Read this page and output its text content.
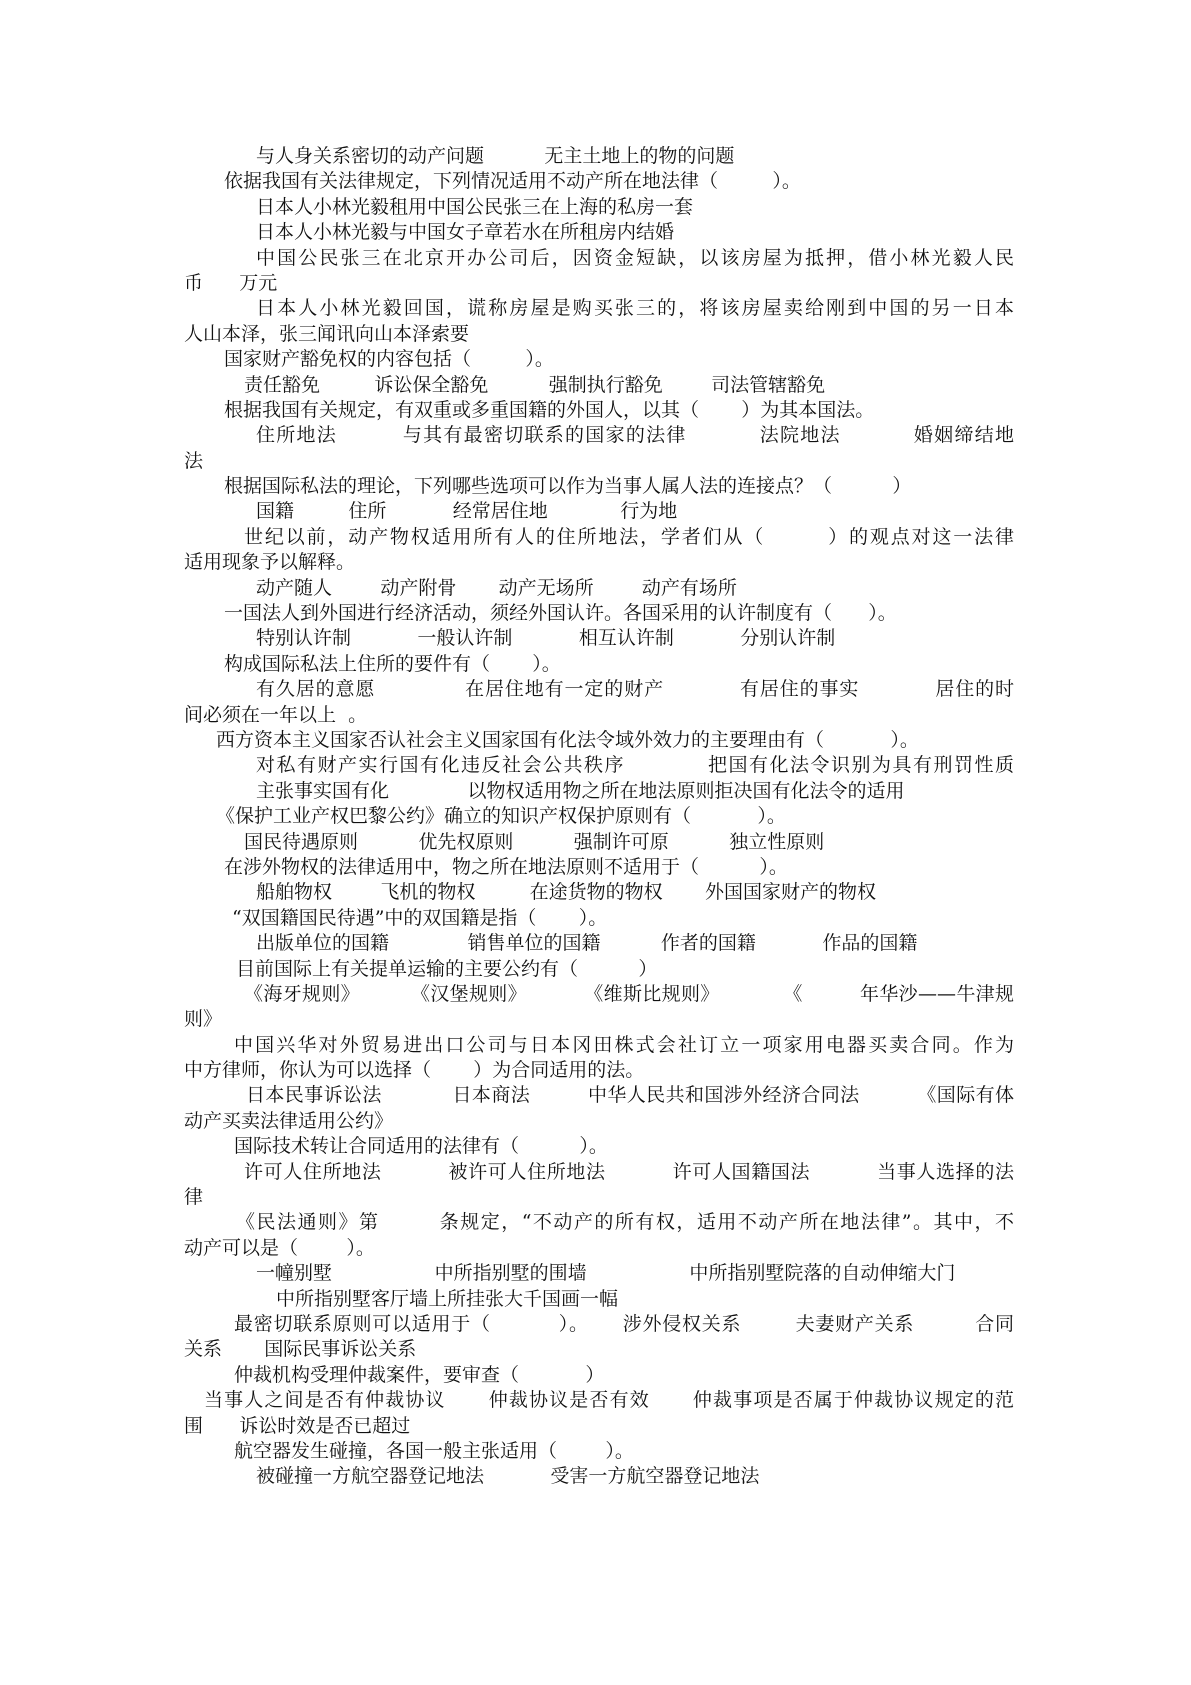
与人身关系密切的动产问题          无主土地上的物的问题
依据我国有关法律规定，下列情况适用不动产所在地法律（         ）。
日本人小林光毅租用中国公民张三在上海的私房一套
日本人小林光毅与中国女子章若水在所租房内结婚
中国公民张三在北京开办公司后，因资金短缺，以该房屋为抵押，借小林光毅人民
币      万元
日本人小林光毅回国，谎称房屋是购买张三的，将该房屋卖给刚到中国的另一日本
人山本泽，张三闻讯向山本泽索要
国家财产豁免权的内容包括（         ）。
责任豁免         诉讼保全豁免          强制执行豁免        司法管辖豁免
根据我国有关规定，有双重或多重国籍的外国人，以其（       ）为其本国法。
住所地法         与其有最密切联系的国家的法律          法院地法          婚姻缔结地
法
根据国际私法的理论，下列哪些选项可以作为当事人属人法的连接点？（          ）
国籍         住所           经常居住地            行为地
世纪以前，动产物权适用所有人的住所地法，学者们从（        ）的观点对这一法律
适用现象予以解释。
动产随人        动产附骨       动产无场所        动产有场所
一国法人到外国进行经济活动，须经外国认许。各国采用的认许制度有（      ）。
特别认许制           一般认许制           相互认许制           分别认许制
构成国际私法上住所的要件有（       ）。
有久居的意愿             在居住地有一定的财产           有居住的事实           居住的时
间必须在一年以上  。
西方资本主义国家否认社会主义国家国有化法令域外效力的主要理由有（           ）。
对私有财产实行国有化违反社会公共秩序           把国有化法令识别为具有刑罚性质
主张事实国有化             以物权适用物之所在地法原则拒决国有化法令的适用
《保护工业产权巴黎公约》确立的知识产权保护原则有（           ）。
国民待遇原则          优先权原则          强制许可原          独立性原则
在涉外物权的法律适用中，物之所在地法原则不适用于（          ）。
船舶物权        飞机的物权         在途货物的物权       外国国家财产的物权
“双国籍国民待遇”中的双国籍是指（       ）。
出版单位的国籍             销售单位的国籍          作者的国籍           作品的国籍
目前国际上有关提单运输的主要公约有（          ）
《海牙规则》        《汉堡规则》         《维斯比规则》          《         年华沙——牛津规
则》
中国兴华对外贸易进出口公司与日本冈田株式会社订立一项家用电器买卖合同。作为
中方律师，你认为可以选择（       ）为合同适用的法。
日本民事诉讼法           日本商法         中华人民共和国涉外经济合同法         《国际有体
动产买卖法律适用公约》
国际技术转让合同适用的法律有（          ）。
许可人住所地法          被许可人住所地法          许可人国籍国法          当事人选择的法
律
《民法通则》第        条规定，“不动产的所有权，适用不动产所在地法律”。其中，不
动产可以是（        ）。
一幢别墅                 中所指别墅的围墙                 中所指别墅院落的自动伸缩大门
中所指别墅客厅墙上所挂张大千国画一幅
最密切联系原则可以适用于（          ）。     涉外侵权关系        夫妻财产关系         合同
关系       国际民事诉讼关系
仲裁机构受理仲裁案件，要审查（           ）
当事人之间是否有仲裁协议      仲裁协议是否有效      仲裁事项是否属于仲裁协议规定的范
围      诉讼时效是否已超过
航空器发生碰撞，各国一般主张适用（        ）。
被碰撞一方航空器登记地法           受害一方航空器登记地法
